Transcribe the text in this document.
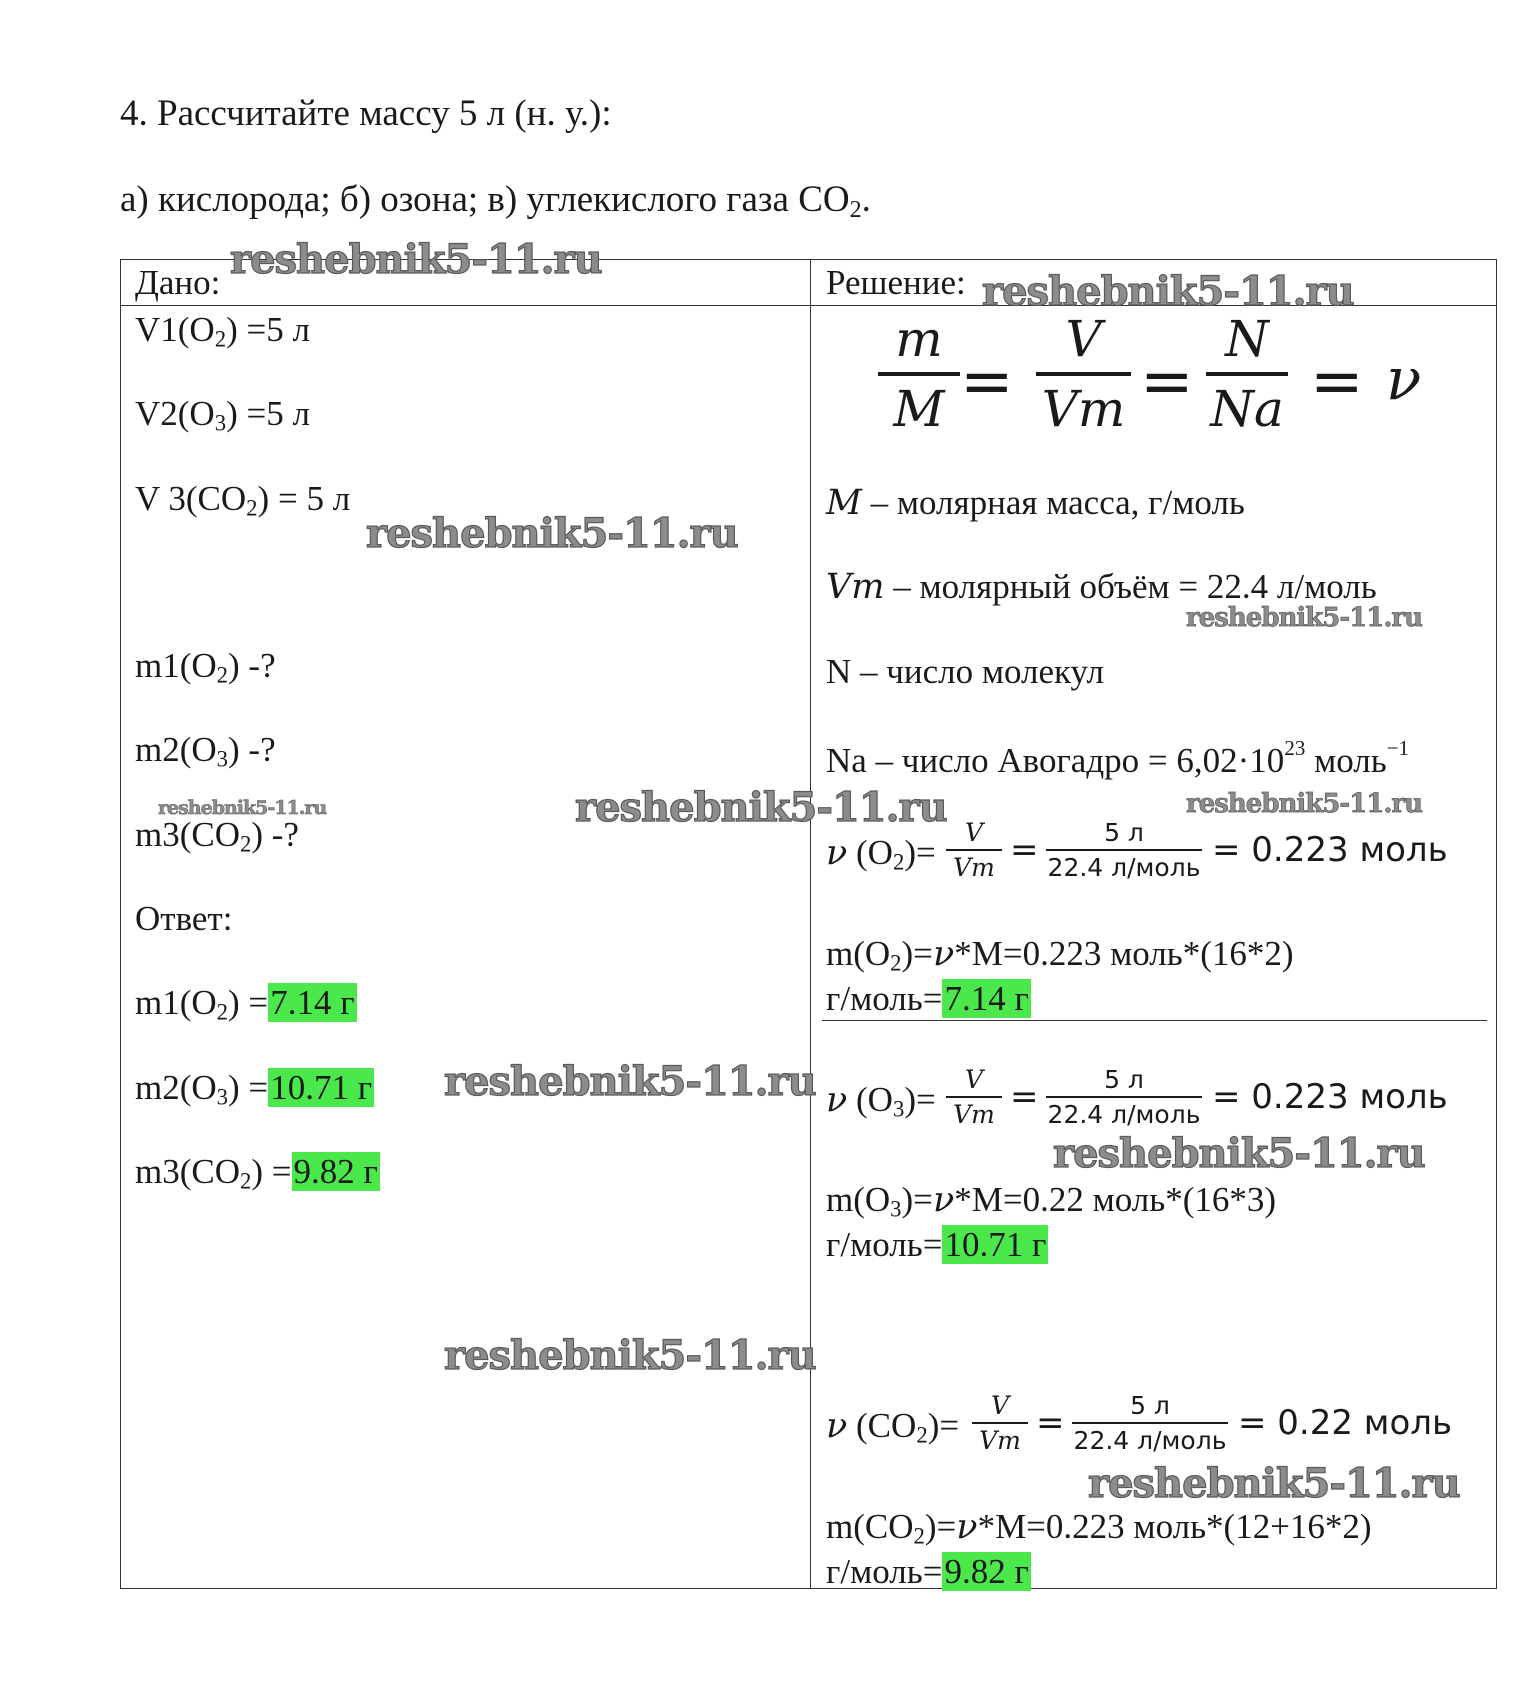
4. Рассчитайте массу 5 л (н. у.):
а) кислорода; б) озона; в) углекислого газа $CO_2$.
Дано:
$V1(O_2) =5$ л
$V2(O_3) =5$ л
V $3(CO_2) = 5$ л
$m1(O_2)$ -?
$m2(O_3)$ -?
$m3(CO_2)$ -?
Ответ:
$m1(O_2) =7.14$ г
$m2(O_3) =10.71$ г
$m3(CO_2) =9.82$ г
Решение:
m
M =
V
Vm =
N
Na = ν
M – молярная масса, г/моль
Vm – молярный объём = 22.4 л/моль
N – число молекул
Na – число Авогадро = $6,02\cdot 10^{23}$ моль$^{-1}$
ν $(O_2)=$
V
Vm =	5 л
22.4 л/моль = 0.223 моль
$m(O_2)=\nu*M=0.223$ моль*(16*2)
г/моль=7.14 г
ν $(O_3)=$
V
Vm =	5 л
22.4 л/моль = 0.223 моль
$m(O_3)=\nu*M=0.22$ моль*(16*3)
г/моль=10.71 г
ν $(CO_2)=$
V
Vm =	5 л
22.4 л/моль = 0.22 моль
$m(CO_2)=\nu*M=0.223$ моль*(12+16*2)
г/моль=9.82 г
reshebnik5-11.ru
reshebnik5-11.ru
reshebnik5-11.ru
reshebnik5-11.ru
reshebnik5-11.ru	reshebnik5-11.ru	reshebnik5-11.ru
reshebnik5-11.ru
reshebnik5-11.ru
reshebnik5-11.ru
reshebnik5-11.ru
